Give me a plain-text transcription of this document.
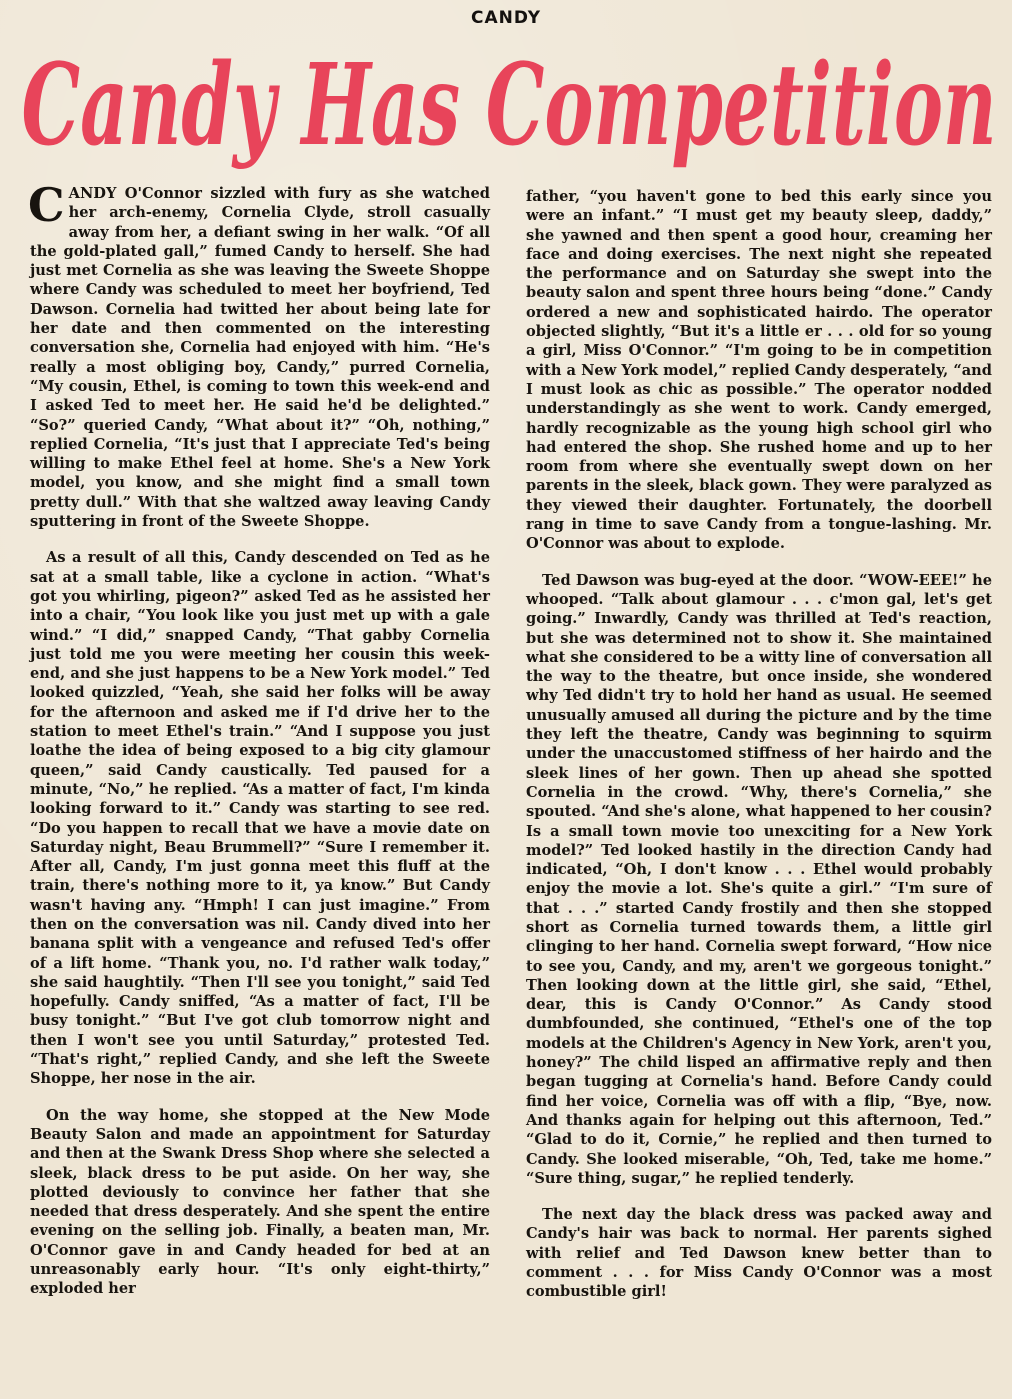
CANDY
Candy Has Competition

CANDY O'Connor sizzled with fury as she watched her arch-enemy, Cornelia Clyde, stroll casually away from her, a defiant swing in her walk. “Of all the gold-plated gall,” fumed Candy to herself. She had just met Cornelia as she was leaving the Sweete Shoppe where Candy was scheduled to meet her boyfriend, Ted Dawson. Cornelia had twitted her about being late for her date and then commented on the interesting conversation she, Cornelia had enjoyed with him. “He's really a most obliging boy, Candy,” purred Cornelia, “My cousin, Ethel, is coming to town this week-end and I asked Ted to meet her. He said he'd be delighted.” “So?” queried Candy, “What about it?” “Oh, nothing,” replied Cornelia, “It's just that I appreciate Ted's being willing to make Ethel feel at home. She's a New York model, you know, and she might find a small town pretty dull.” With that she waltzed away leaving Candy sputtering in front of the Sweete Shoppe.

As a result of all this, Candy descended on Ted as he sat at a small table, like a cyclone in action. “What's got you whirling, pigeon?” asked Ted as he assisted her into a chair, “You look like you just met up with a gale wind.” “I did,” snapped Candy, “That gabby Cornelia just told me you were meeting her cousin this week-end, and she just happens to be a New York model.” Ted looked quizzled, “Yeah, she said her folks will be away for the afternoon and asked me if I'd drive her to the station to meet Ethel's train.” “And I suppose you just loathe the idea of being exposed to a big city glamour queen,” said Candy caustically. Ted paused for a minute, “No,” he replied. “As a matter of fact, I'm kinda looking forward to it.” Candy was starting to see red. “Do you happen to recall that we have a movie date on Saturday night, Beau Brummell?” “Sure I remember it. After all, Candy, I'm just gonna meet this fluff at the train, there's nothing more to it, ya know.” But Candy wasn't having any. “Hmph! I can just imagine.” From then on the conversation was nil. Candy dived into her banana split with a vengeance and refused Ted's offer of a lift home. “Thank you, no. I'd rather walk today,” she said haughtily. “Then I'll see you tonight,” said Ted hopefully. Candy sniffed, “As a matter of fact, I'll be busy tonight.” “But I've got club tomorrow night and then I won't see you until Saturday,” protested Ted. “That's right,” replied Candy, and she left the Sweete Shoppe, her nose in the air.

On the way home, she stopped at the New Mode Beauty Salon and made an appointment for Saturday and then at the Swank Dress Shop where she selected a sleek, black dress to be put aside. On her way, she plotted deviously to convince her father that she needed that dress desperately. And she spent the entire evening on the selling job. Finally, a beaten man, Mr. O'Connor gave in and Candy headed for bed at an unreasonably early hour. “It's only eight-thirty,” exploded her

father, “you haven't gone to bed this early since you were an infant.” “I must get my beauty sleep, daddy,” she yawned and then spent a good hour, creaming her face and doing exercises. The next night she repeated the performance and on Saturday she swept into the beauty salon and spent three hours being “done.” Candy ordered a new and sophisticated hairdo. The operator objected slightly, “But it's a little er . . . old for so young a girl, Miss O'Connor.” “I'm going to be in competition with a New York model,” replied Candy desperately, “and I must look as chic as possible.” The operator nodded understandingly as she went to work. Candy emerged, hardly recognizable as the young high school girl who had entered the shop. She rushed home and up to her room from where she eventually swept down on her parents in the sleek, black gown. They were paralyzed as they viewed their daughter. Fortunately, the doorbell rang in time to save Candy from a tongue-lashing. Mr. O'Connor was about to explode.

Ted Dawson was bug-eyed at the door. “WOW-EEE!” he whooped. “Talk about glamour . . . c'mon gal, let's get going.” Inwardly, Candy was thrilled at Ted's reaction, but she was determined not to show it. She maintained what she considered to be a witty line of conversation all the way to the theatre, but once inside, she wondered why Ted didn't try to hold her hand as usual. He seemed unusually amused all during the picture and by the time they left the theatre, Candy was beginning to squirm under the unaccustomed stiffness of her hairdo and the sleek lines of her gown. Then up ahead she spotted Cornelia in the crowd. “Why, there's Cornelia,” she spouted. “And she's alone, what happened to her cousin? Is a small town movie too unexciting for a New York model?” Ted looked hastily in the direction Candy had indicated, “Oh, I don't know . . . Ethel would probably enjoy the movie a lot. She's quite a girl.” “I'm sure of that . . .” started Candy frostily and then she stopped short as Cornelia turned towards them, a little girl clinging to her hand. Cornelia swept forward, “How nice to see you, Candy, and my, aren't we gorgeous tonight.” Then looking down at the little girl, she said, “Ethel, dear, this is Candy O'Connor.” As Candy stood dumbfounded, she continued, “Ethel's one of the top models at the Children's Agency in New York, aren't you, honey?” The child lisped an affirmative reply and then began tugging at Cornelia's hand. Before Candy could find her voice, Cornelia was off with a flip, “Bye, now. And thanks again for helping out this afternoon, Ted.” “Glad to do it, Cornie,” he replied and then turned to Candy. She looked miserable, “Oh, Ted, take me home.” “Sure thing, sugar,” he replied tenderly.

The next day the black dress was packed away and Candy's hair was back to normal. Her parents sighed with relief and Ted Dawson knew better than to comment . . . for Miss Candy O'Connor was a most combustible girl!
